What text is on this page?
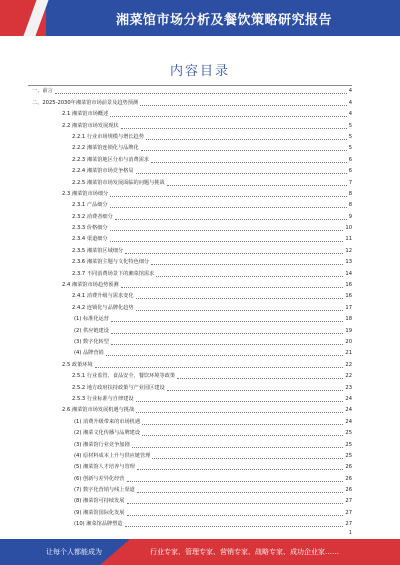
湘菜馆市场分析及餐饮策略研究报告
内容目录
一、前言	4
二、2025-2030年湘菜馆市场前景及趋势预测	4
2.1 湘菜馆市场概述	4
2.2 湘菜馆市场发展现状	5
2.2.1 行业市场规模与增长趋势	5
2.2.2 湘菜馆连锁化与品牌化	5
2.2.3 湘菜馆地区分布与消费需求	6
2.2.4 湘菜馆市场竞争格局	6
2.2.5 湘菜馆市场发展面临的问题与挑战	7
2.3 湘菜馆市场细分	8
2.3.1 产品细分	8
2.3.2 消费者细分	9
2.3.3 价格细分	10
2.3.4 渠道细分	11
2.3.5 湘菜馆区域细分	12
2.3.6 湘菜馆主题与文化特色细分	13
2.3.7 不同消费场景下的湘菜馆需求	14
2.4 湘菜馆市场趋势预测	16
2.4.1 消费升级与需求变化	16
2.4.2 连锁化与品牌化趋势	17
(1) 标准化运营	18
(2) 供应链建设	19
(3) 数字化转型	20
(4) 品牌营销	21
2.5 政策环境	22
2.5.1 行业监管、食品安全、餐饮环境等政策	22
2.5.2 地方政府扶持政策与产业园区建设	23
2.5.3 行业标准与自律建设	24
2.6 湘菜馆市场发展机遇与挑战	24
(1) 消费升级带来的市场机遇	24
(2) 湘菜文化传播与品牌建设	25
(3) 湘菜馆行业竞争加剧	25
(4) 原材料成本上升与供应链管理	25
(5) 湘菜馆人才培养与管理	26
(6) 创新与差异化经营	26
(7) 数字化营销与线上渠道	26
(8) 湘菜馆可持续发展	27
(9) 湘菜馆国际化发展	27
(10) 湘菜馆品牌塑造	27
1
让每个人都能成为	行业专家、管理专家、营销专家、战略专家、成功企业家……
